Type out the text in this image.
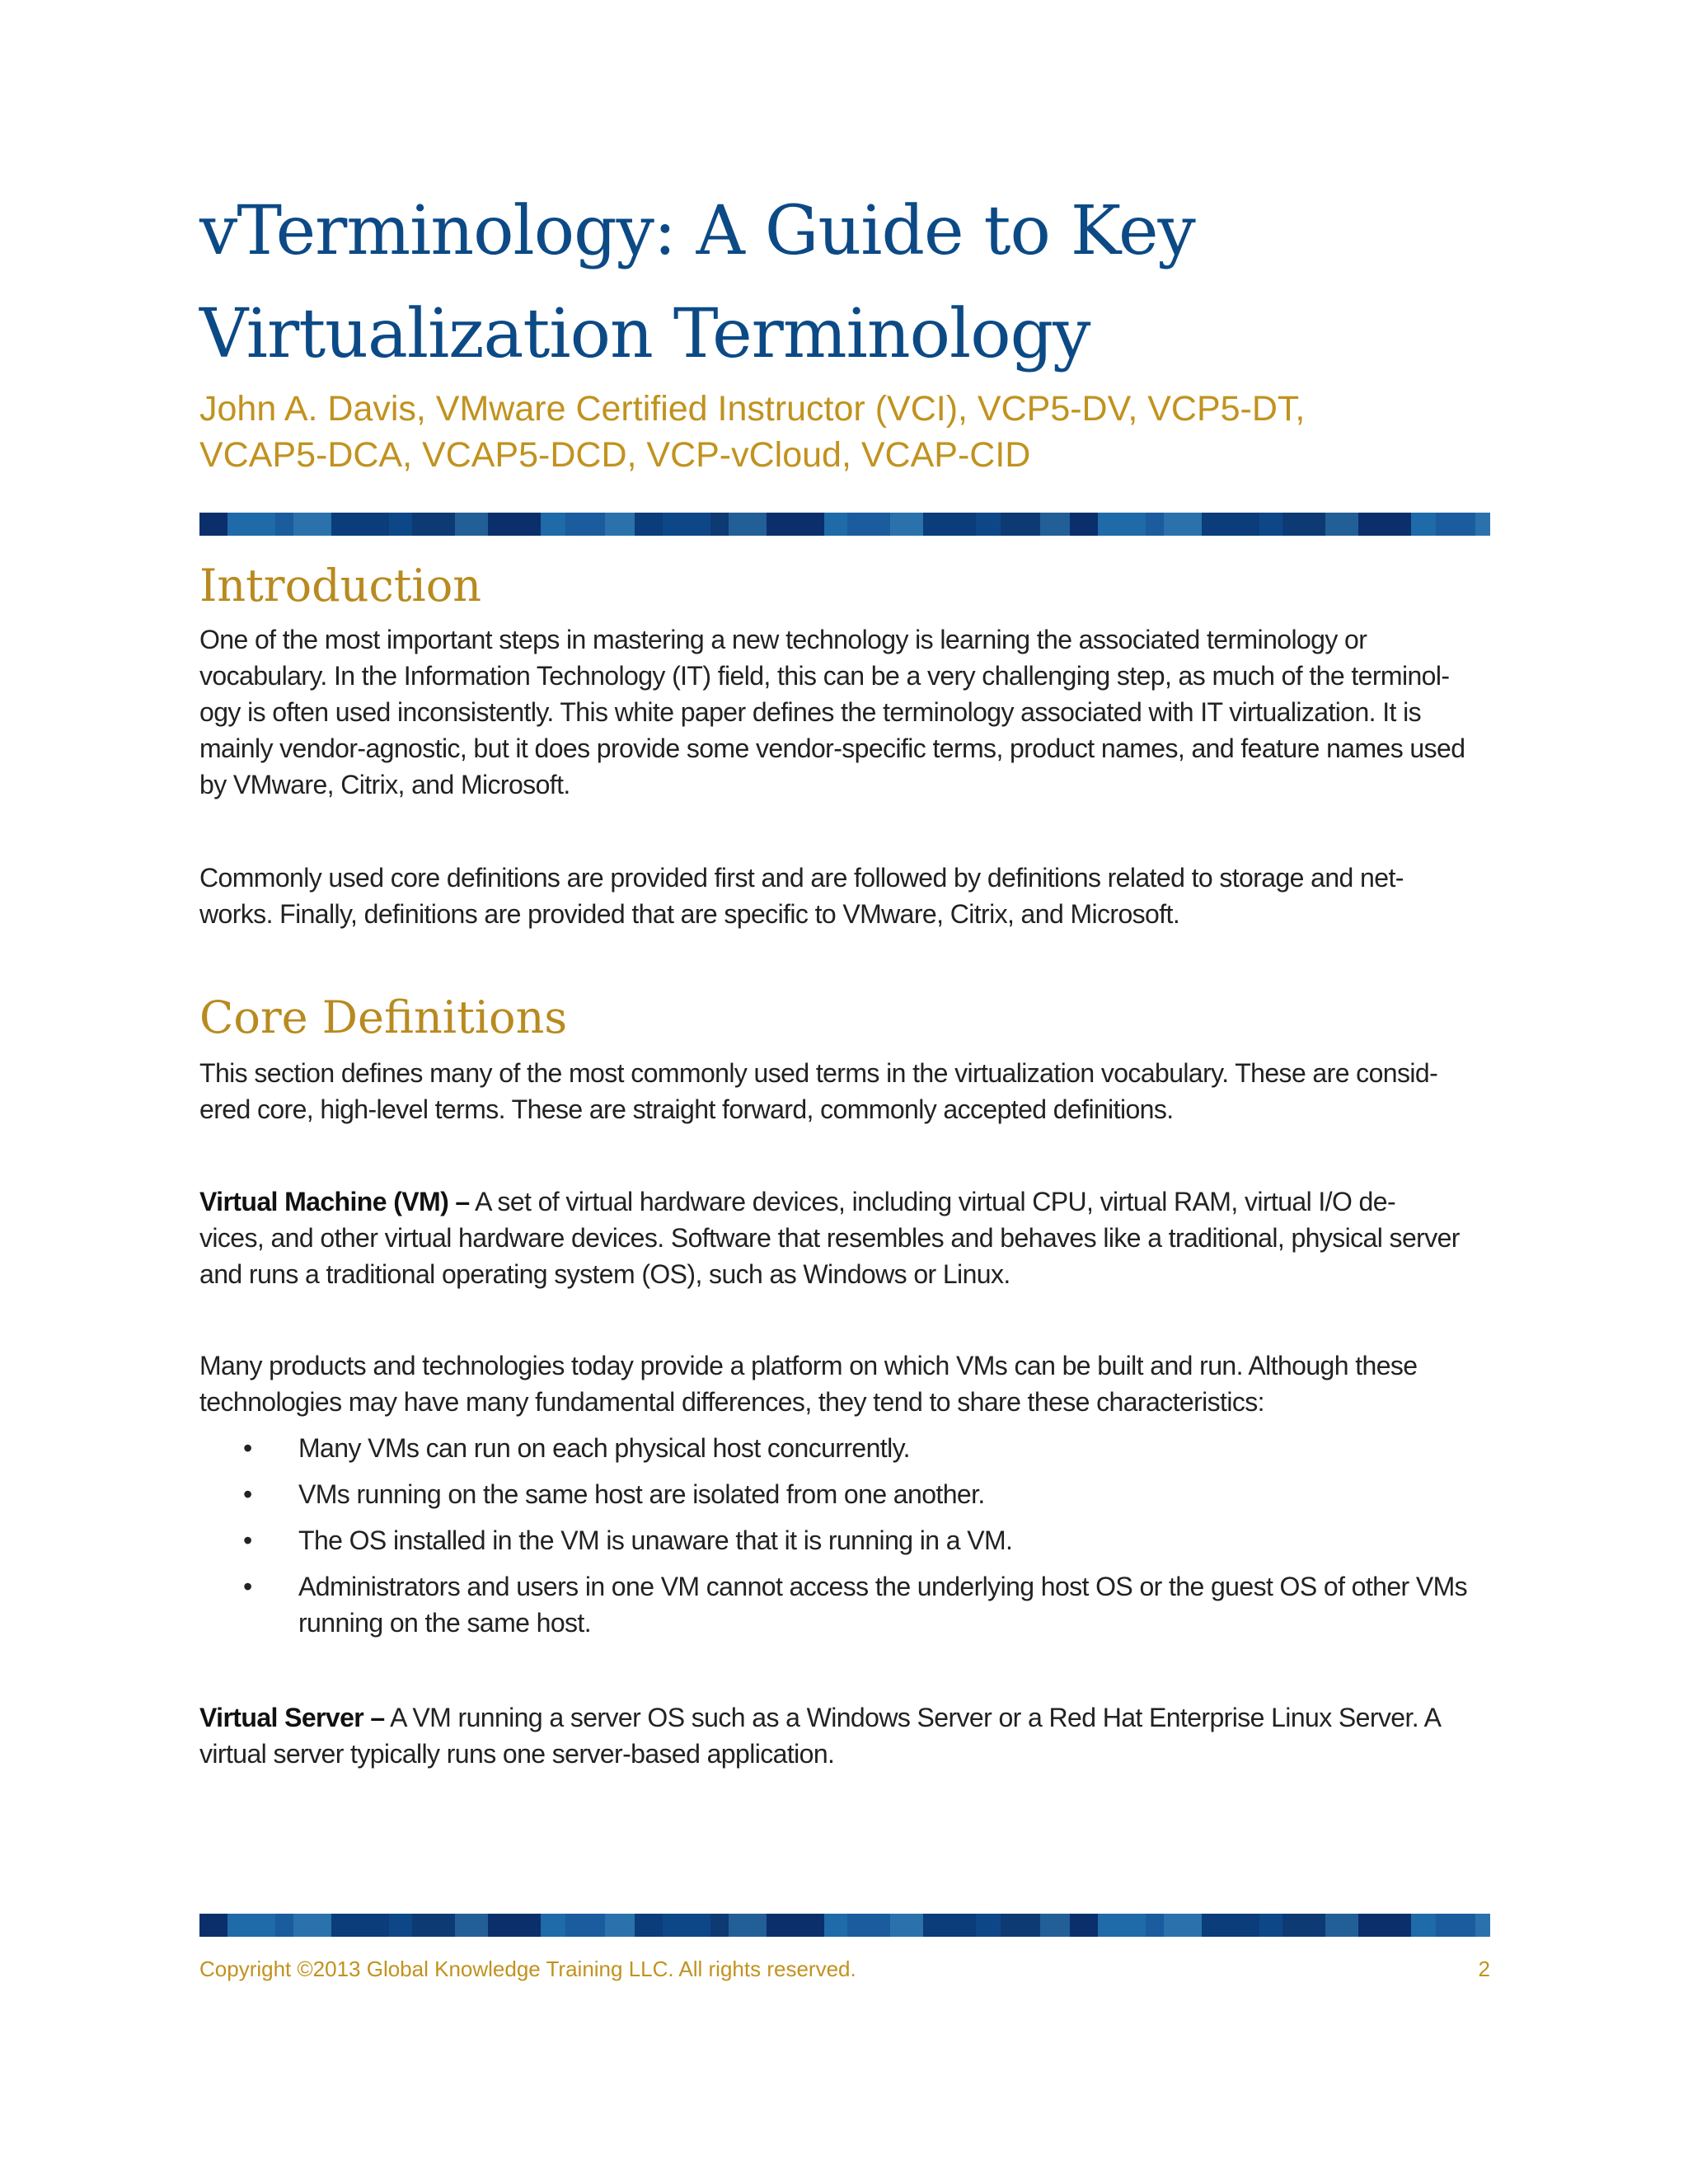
vTerminology: A Guide to Key
Virtualization Terminology
John A. Davis, VMware Certified Instructor (VCI), VCP5-DV, VCP5-DT,
VCAP5-DCA, VCAP5-DCD, VCP-vCloud, VCAP-CID
Introduction
One of the most important steps in mastering a new technology is learning the associated terminology or
vocabulary. In the Information Technology (IT) field, this can be a very challenging step, as much of the terminol-
ogy is often used inconsistently. This white paper defines the terminology associated with IT virtualization. It is
mainly vendor-agnostic, but it does provide some vendor-specific terms, product names, and feature names used
by VMware, Citrix, and Microsoft.
Commonly used core definitions are provided first and are followed by definitions related to storage and net-
works. Finally, definitions are provided that are specific to VMware, Citrix, and Microsoft.
Core Definitions
This section defines many of the most commonly used terms in the virtualization vocabulary. These are consid-
ered core, high-level terms. These are straight forward, commonly accepted definitions.
Virtual Machine (VM) – A set of virtual hardware devices, including virtual CPU, virtual RAM, virtual I/O de-
vices, and other virtual hardware devices. Software that resembles and behaves like a traditional, physical server
and runs a traditional operating system (OS), such as Windows or Linux.
Many products and technologies today provide a platform on which VMs can be built and run. Although these
technologies may have many fundamental differences, they tend to share these characteristics:
• Many VMs can run on each physical host concurrently.
• VMs running on the same host are isolated from one another.
• The OS installed in the VM is unaware that it is running in a VM.
• Administrators and users in one VM cannot access the underlying host OS or the guest OS of other VMs
running on the same host.
Virtual Server – A VM running a server OS such as a Windows Server or a Red Hat Enterprise Linux Server. A
virtual server typically runs one server-based application.
Copyright ©2013 Global Knowledge Training LLC. All rights reserved.	2
